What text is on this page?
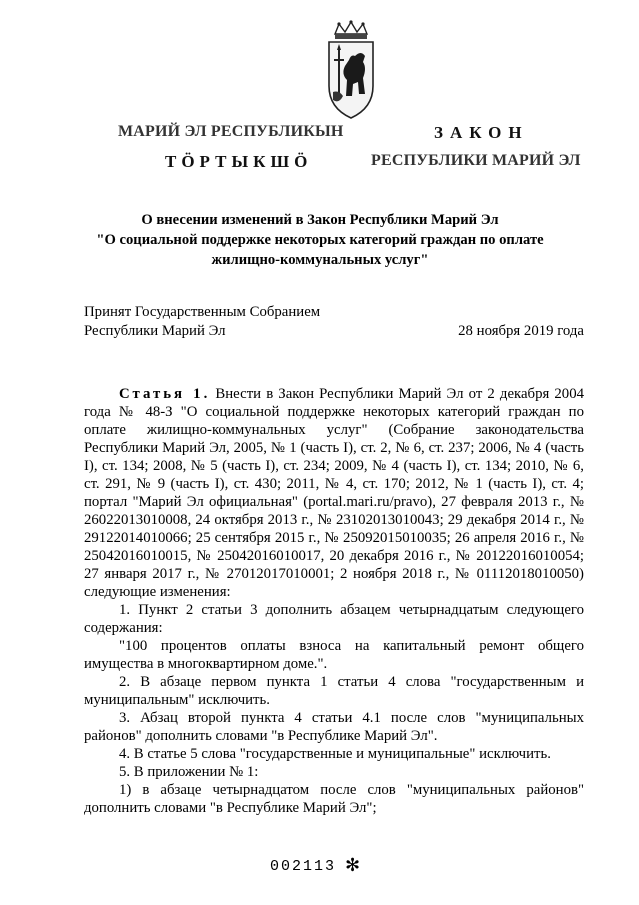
МАРИЙ ЭЛ РЕСПУБЛИКЫН	ЗАКОН
ТӦРТЫКШӦ	РЕСПУБЛИКИ МАРИЙ ЭЛ
О внесении изменений в Закон Республики Марий Эл
"О социальной поддержке некоторых категорий граждан по оплате
жилищно-коммунальных услуг"
Принят Государственным Собранием
Республики Марий Эл	28 ноября 2019 года

Статья 1. Внести в Закон Республики Марий Эл от 2 декабря 2004 года № 48-З "О социальной поддержке некоторых категорий граждан по оплате жилищно-коммунальных услуг" (Собрание законодательства Республики Марий Эл, 2005, № 1 (часть I), ст. 2, № 6, ст. 237; 2006, № 4 (часть I), ст. 134; 2008, № 5 (часть I), ст. 234; 2009, № 4 (часть I), ст. 134; 2010, № 6, ст. 291, № 9 (часть I), ст. 430; 2011, № 4, ст. 170; 2012, № 1 (часть I), ст. 4; портал "Марий Эл официальная" (portal.mari.ru/pravo), 27 февраля 2013 г., № 26022013010008, 24 октября 2013 г., № 23102013010043; 29 декабря 2014 г., № 29122014010066; 25 сентября 2015 г., № 25092015010035; 26 апреля 2016 г., № 25042016010015, № 25042016010017, 20 декабря 2016 г., № 20122016010054; 27 января 2017 г., № 27012017010001; 2 ноября 2018 г., № 01112018010050) следующие изменения:

1. Пункт 2 статьи 3 дополнить абзацем четырнадцатым следующего содержания:

"100 процентов оплаты взноса на капитальный ремонт общего имущества в многоквартирном доме.".

2. В абзаце первом пункта 1 статьи 4 слова "государственным и муниципальным" исключить.

3. Абзац второй пункта 4 статьи 4.1 после слов "муниципальных районов" дополнить словами "в Республике Марий Эл".

4. В статье 5 слова "государственные и муниципальные" исключить.

5. В приложении № 1:

1) в абзаце четырнадцатом после слов "муниципальных районов" дополнить словами "в Республике Марий Эл";

002113 ✻
